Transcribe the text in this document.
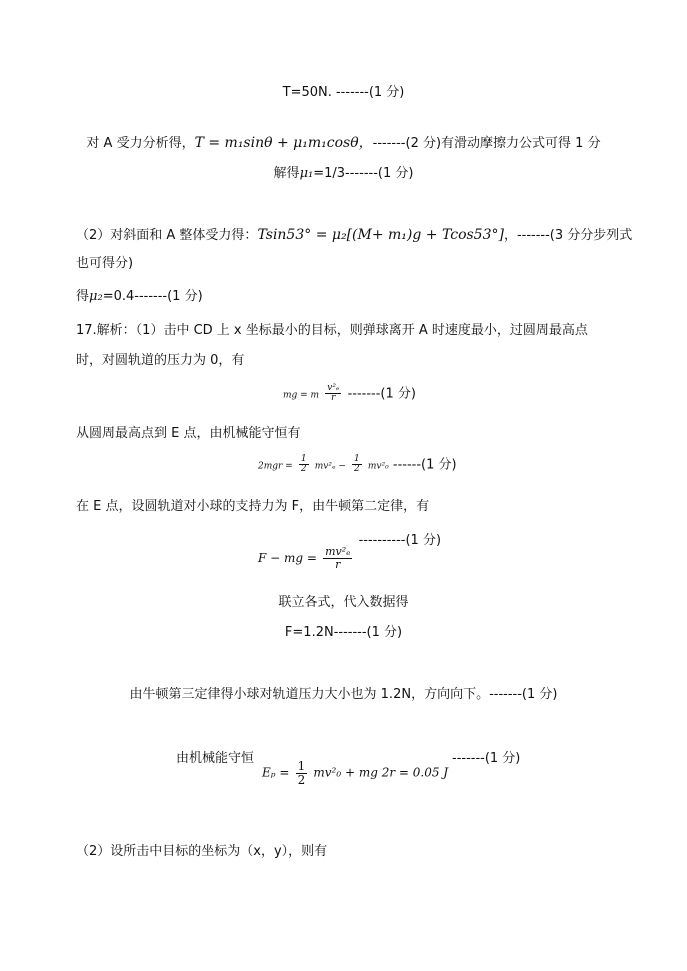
T=50N. -------(1 分)
对 A 受力分析得，T = m₁sinθ + μ₁m₁cosθ，-------(2 分)有滑动摩擦力公式可得 1 分
解得μ₁=1/3-------(1 分)
（2）对斜面和 A 整体受力得：Tsin53° = μ₂[(M+ m₁)g + Tcos53°]，-------(3 分分步列式
也可得分)
得μ₂=0.4-------(1 分)
17.解析：（1）击中 CD 上 x 坐标最小的目标，则弹球离开 A 时速度最小，过圆周最高点
时，对圆轨道的压力为 0，有
mg = m $\frac{\text{v²ₑ}}{r} -------(1$ 分)
从圆周最高点到 E 点，由机械能守恒有
$2mgr = \frac{1}{2} mv^2_e - \frac{1}{2} mv^2_0$ ------(1 分)
在 E 点，设圆轨道对小球的支持力为 F，由牛顿第二定律，有
F − mg = $\frac{\text{mv²ₑ}}{r}$
----------(1 分)
联立各式，代入数据得
F=1.2N-------(1 分)
由牛顿第三定律得小球对轨道压力大小也为 1.2N，方向向下。-------(1 分)
由机械能守恒
$E_p = \frac{1}{2} mv^2_0$ + mg 2r = 0.05 J
-------(1 分)
（2）设所击中目标的坐标为（x，y），则有
